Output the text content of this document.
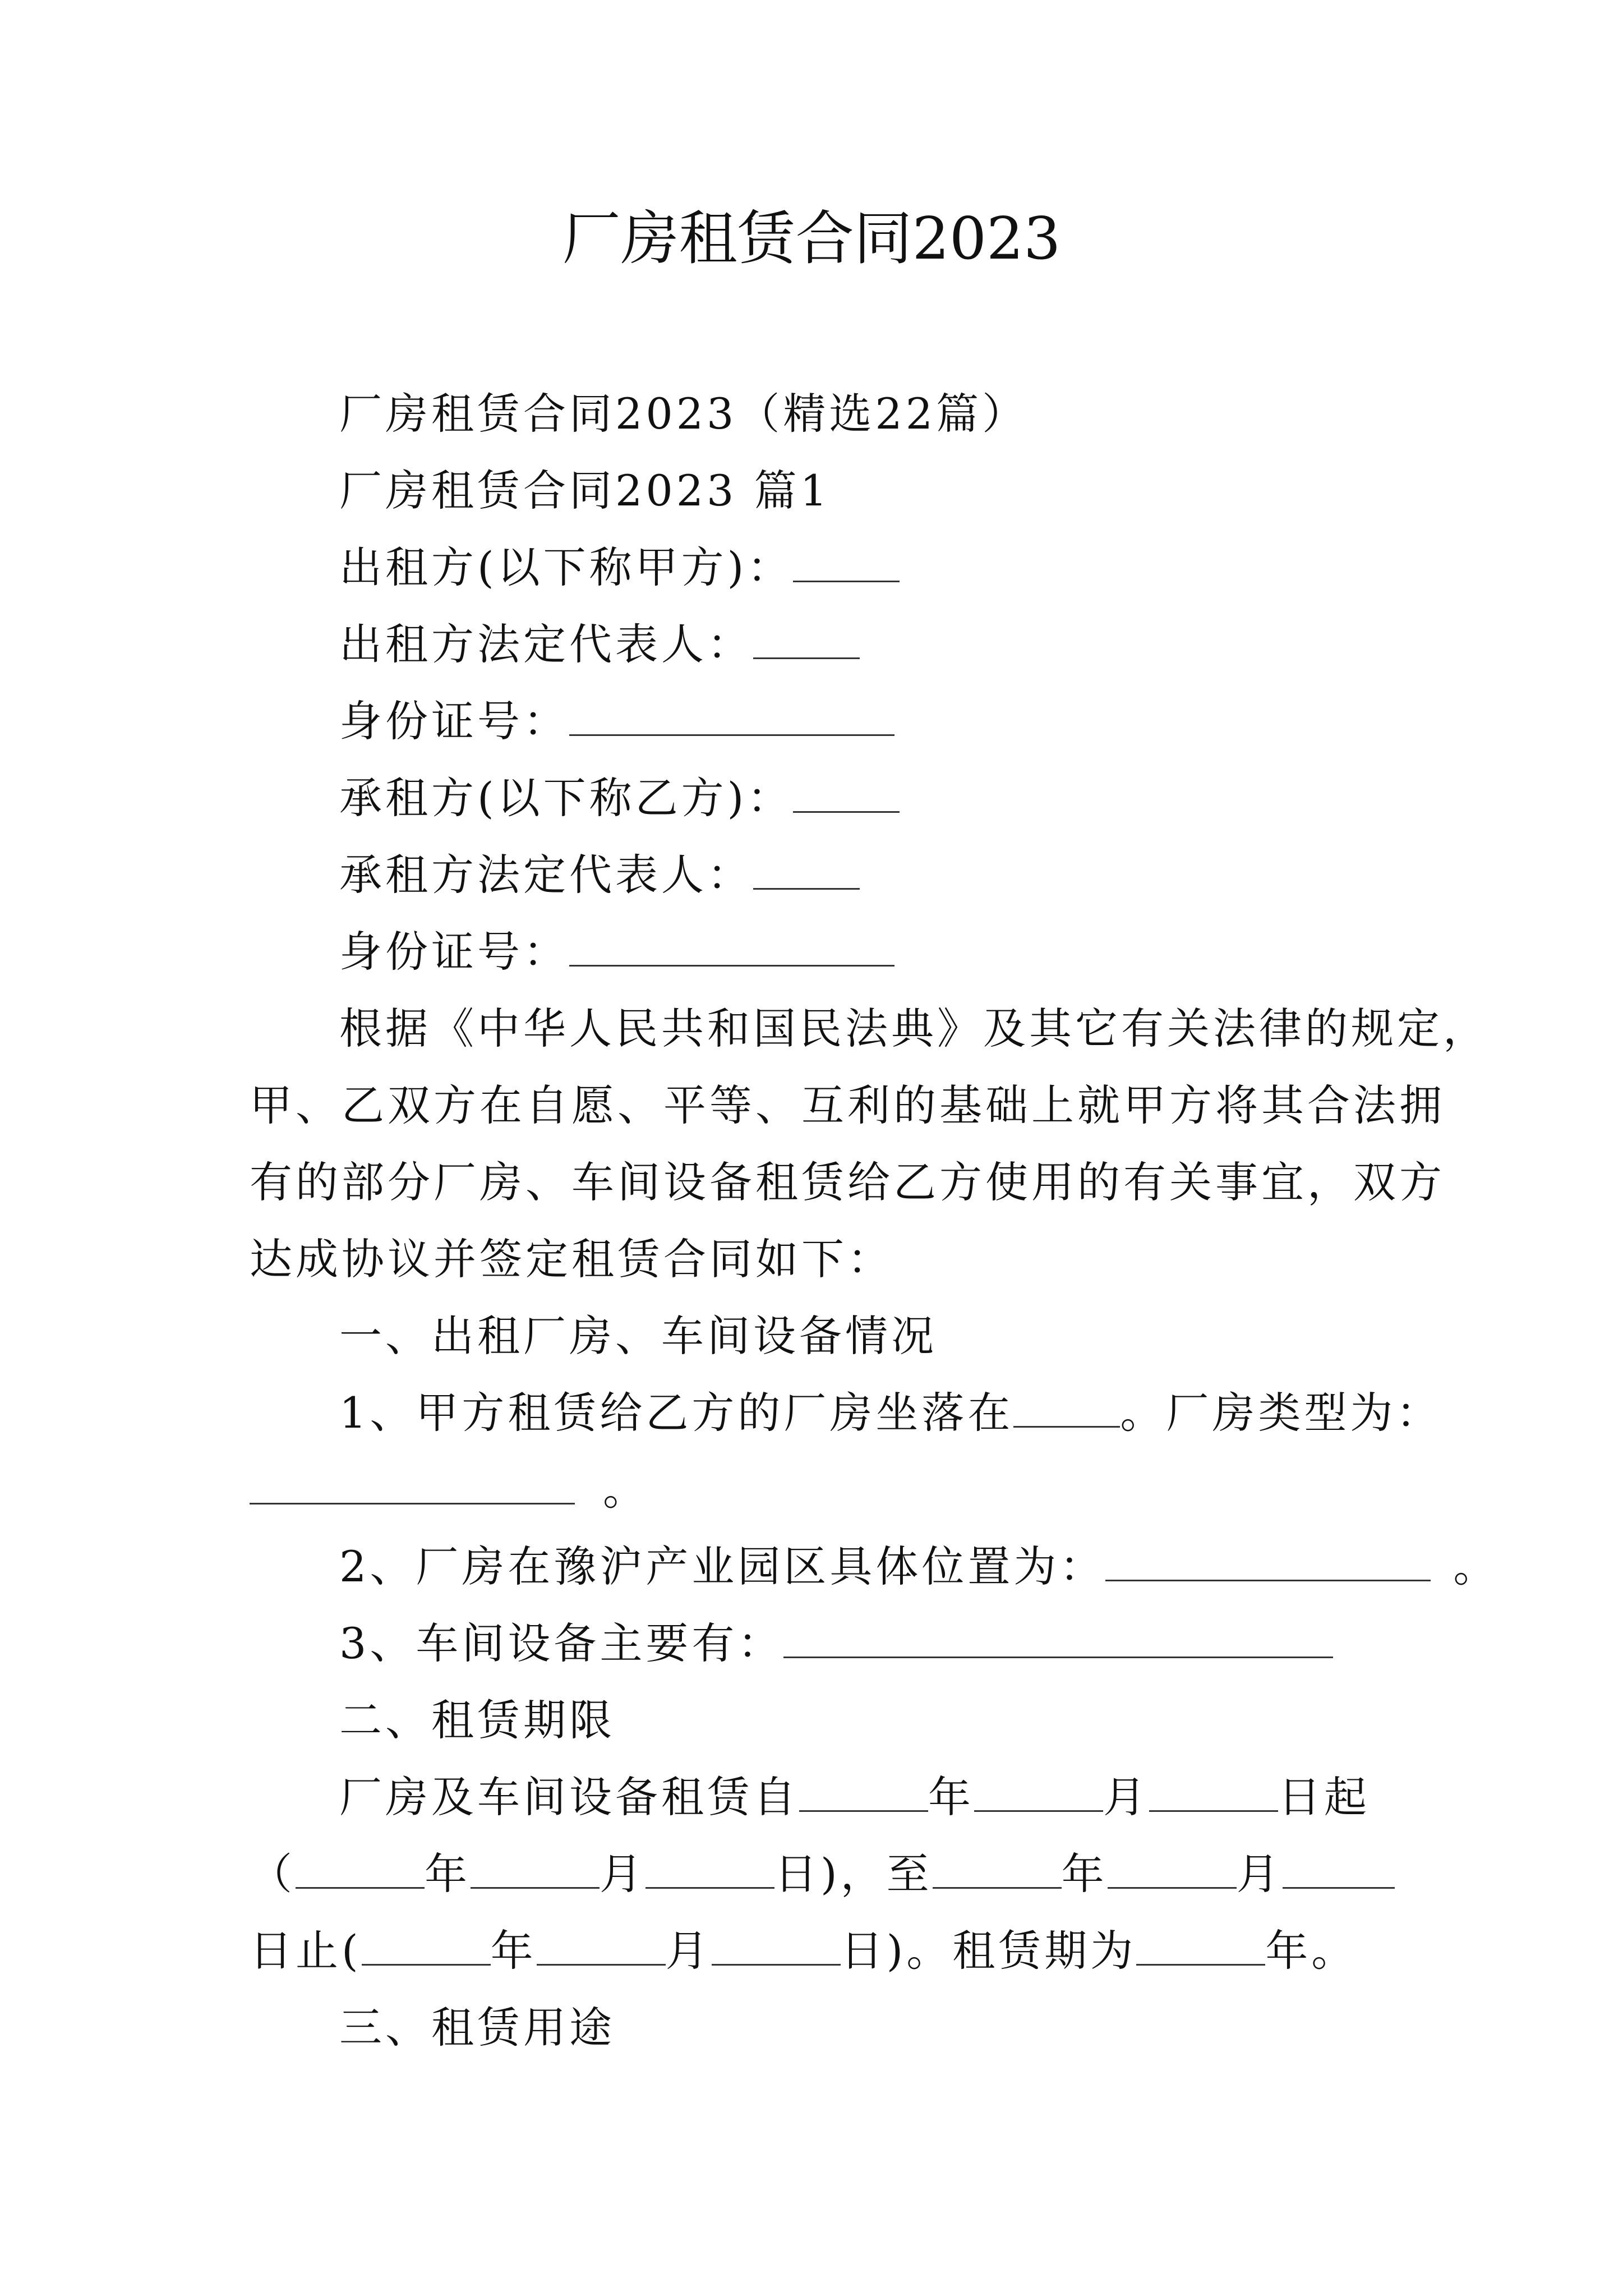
厂房租赁合同2023
厂房租赁合同2023（精选22篇）
厂房租赁合同2023 篇1
出租方(以下称甲方)：
出租方法定代表人：
身份证号：
承租方(以下称乙方)：
承租方法定代表人：
身份证号：
根据《中华人民共和国民法典》及其它有关法律的规定，
甲、乙双方在自愿、平等、互利的基础上就甲方将其合法拥
有的部分厂房、车间设备租赁给乙方使用的有关事宜，双方
达成协议并签定租赁合同如下：
一、出租厂房、车间设备情况
1、甲方租赁给乙方的厂房坐落在	。厂房类型为：
。
2、厂房在豫沪产业园区具体位置为：	。
3、车间设备主要有：
二、租赁期限
厂房及车间设备租赁自	年	月	日起
（	年	月	日)，至	年	月
日止(	年	月	日)。租赁期为	年。
三、租赁用途
